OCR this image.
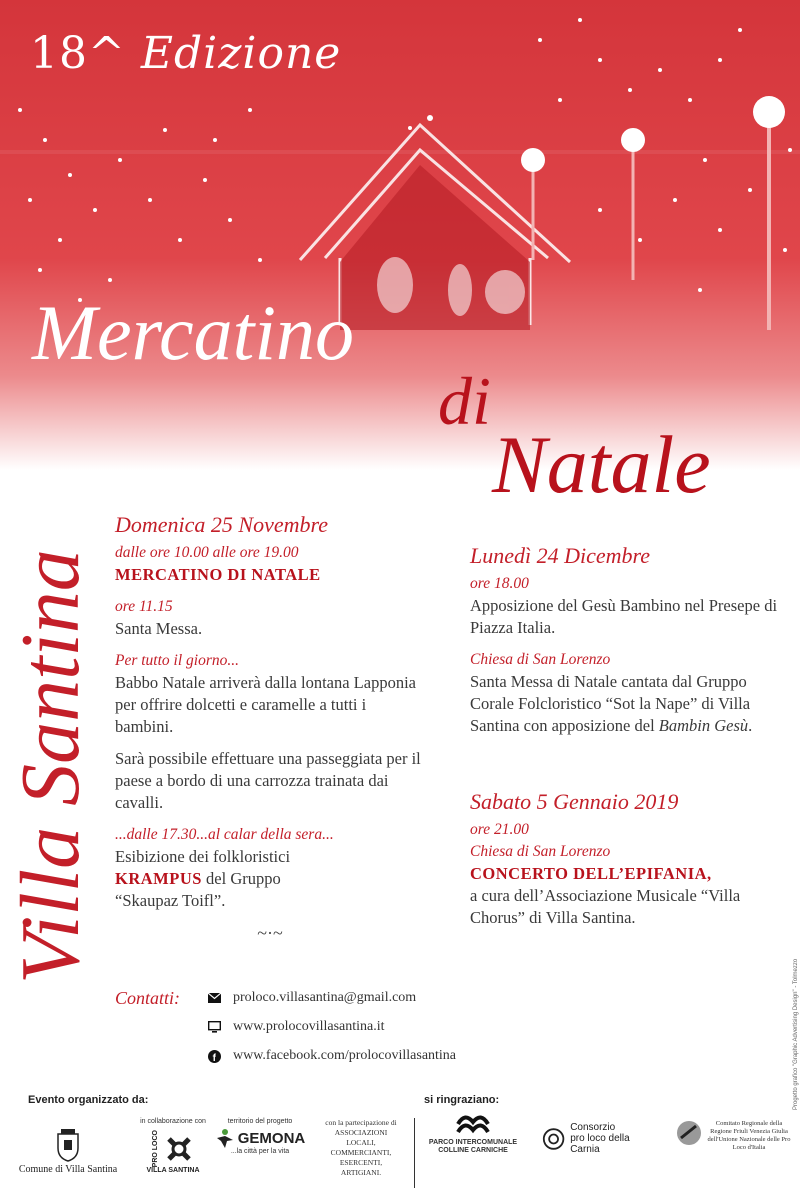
18^ Edizione
Mercatino
di
Natale
Villa Santina
Domenica 25 Novembre
dalle ore 10.00 alle ore 19.00
MERCATINO DI NATALE
ore 11.15
Santa Messa.
Per tutto il giorno...
Babbo Natale arriverà dalla lontana Lapponia per offrire dolcetti e caramelle a tutti i bambini.
Sarà possibile effettuare una passeggiata per il paese a bordo di una carrozza trainata dai cavalli.
...dalle 17.30...al calar della sera...
Esibizione dei folkloristici
KRAMPUS del Gruppo
“Skaupaz Toifl”.
~·~
Lunedì 24 Dicembre
ore 18.00
Apposizione del Gesù Bambino nel Presepe di Piazza Italia.
Chiesa di San Lorenzo
Santa Messa di Natale cantata dal Gruppo Corale Folcloristico “Sot la Nape” di Villa Santina con apposizione del Bambin Gesù.
Sabato 5 Gennaio 2019
ore 21.00
Chiesa di San Lorenzo
CONCERTO DELL’EPIFANIA,
a cura dell’Associazione Musicale “Villa Chorus” di Villa Santina.
Contatti:	proloco.villasantina@gmail.com
www.prolocovillasantina.it
f www.facebook.com/prolocovillasantina	Progetto grafico "Graphic Advertising Design" - Tolmezzo
Evento organizzato da:	si ringraziano:
Comune di Villa Santina
in collaborazione con
PRO LOCO
VILLA SANTINA
territorio del progetto
GEMONA
...la città per la vita
con la partecipazione di ASSOCIAZIONI LOCALI, COMMERCIANTI, ESERCENTI, ARTIGIANI.
PARCO INTERCOMUNALE COLLINE CARNICHE
Consorzio
pro loco della Carnia
Comitato Regionale della Regione Friuli Venezia Giulia dell'Unione Nazionale delle Pro Loco d'Italia
